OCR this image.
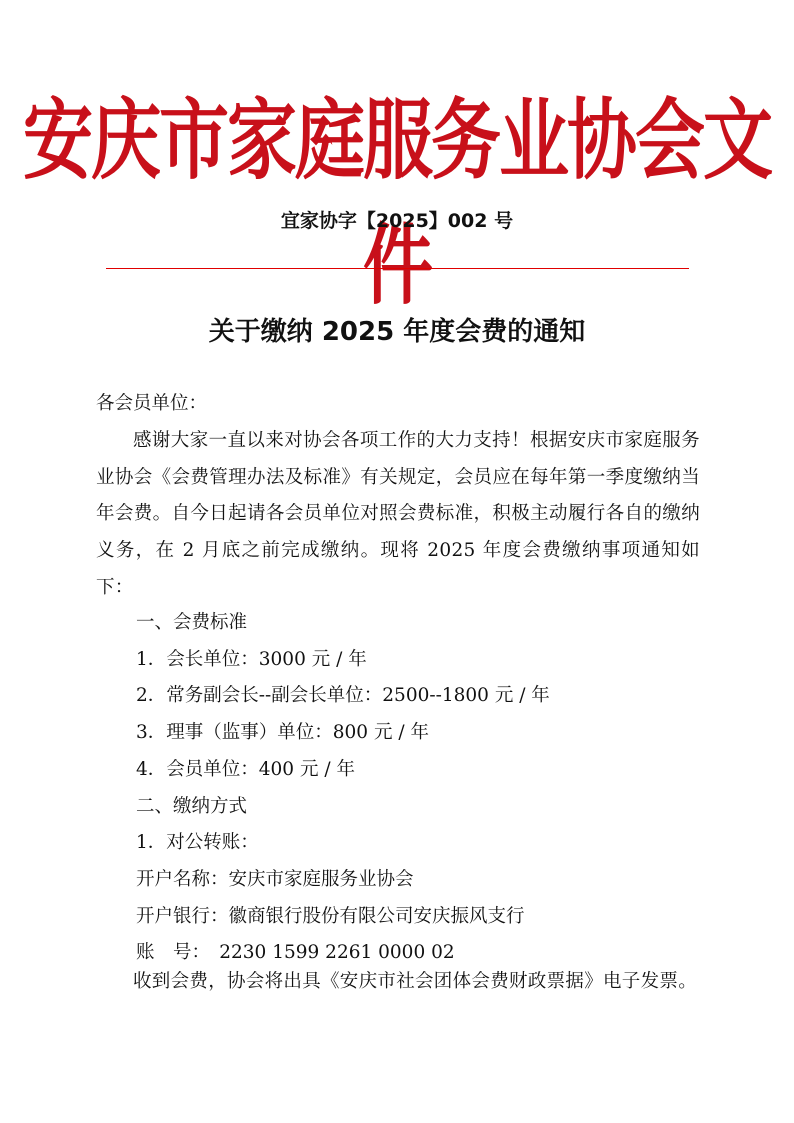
安庆市家庭服务业协会文件
宜家协字【2025】002 号
关于缴纳 2025 年度会费的通知
各会员单位：
感谢大家一直以来对协会各项工作的大力支持！根据安庆市家庭服务业协会《会费管理办法及标准》有关规定，会员应在每年第一季度缴纳当年会费。自今日起请各会员单位对照会费标准，积极主动履行各自的缴纳义务，在 2 月底之前完成缴纳。现将 2025 年度会费缴纳事项通知如下：
一、会费标准
1．会长单位：3000 元 / 年
2．常务副会长--副会长单位：2500--1800 元 / 年
3．理事（监事）单位：800 元 / 年
4．会员单位：400 元 / 年
二、缴纳方式
1．对公转账：
开户名称：安庆市家庭服务业协会
开户银行：徽商银行股份有限公司安庆振风支行
账　号：　2230 1599 2261 0000 02
收到会费，协会将出具《安庆市社会团体会费财政票据》电子发票。
